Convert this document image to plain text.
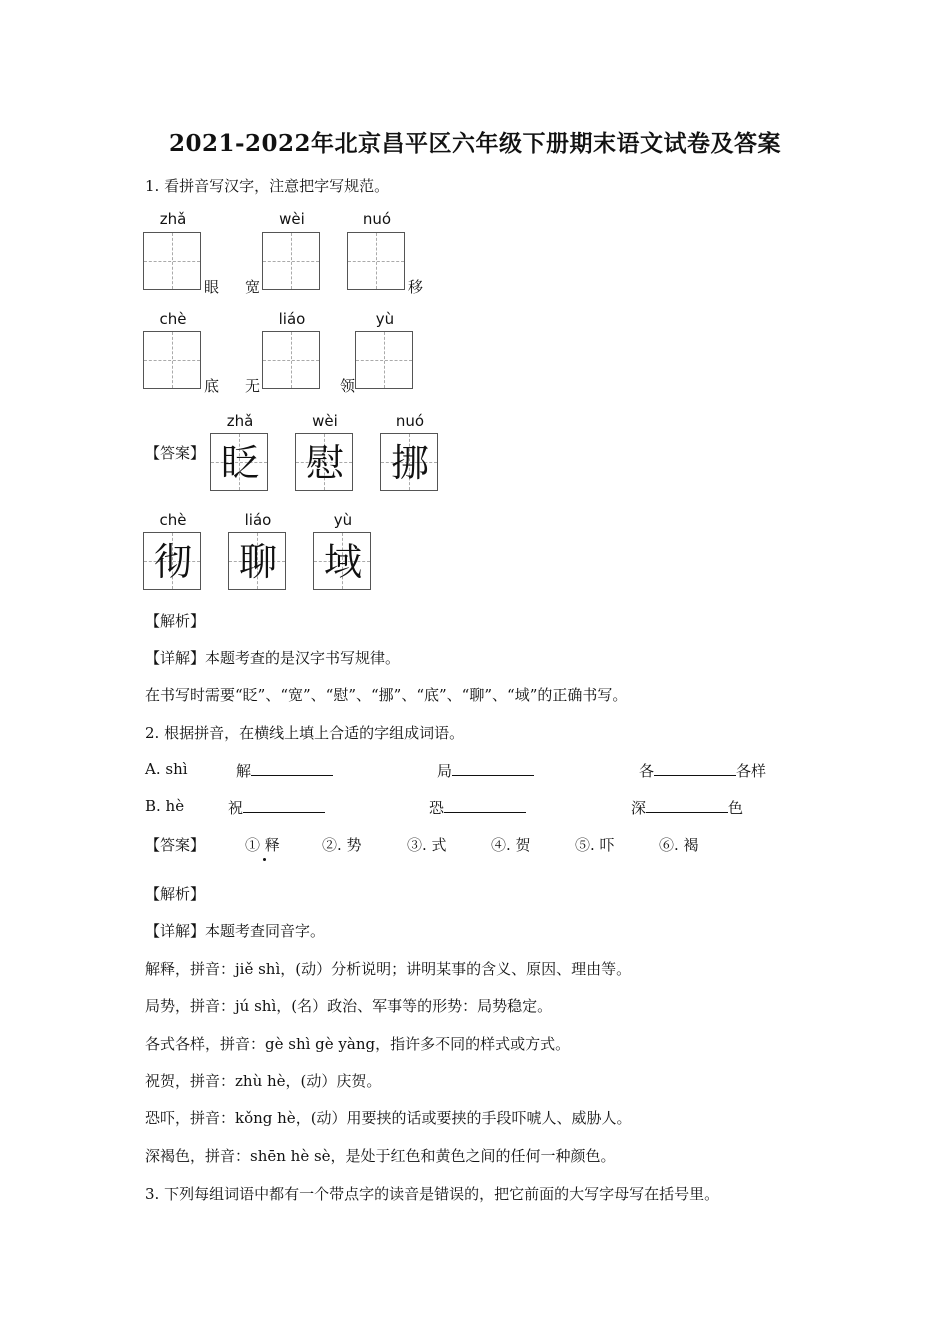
2021-2022年北京昌平区六年级下册期末语文试卷及答案
1. 看拼音写汉字，注意把字写规范。
zhǎ	wèi	nuó
眼 宽	移
chè	liáo	yù
底 无	领
【答案】
zhǎ	wèi	nuó
眨 慰 挪
chè	liáo	yù
彻 聊 域
【解析】
【详解】本题考查的是汉字书写规律。
在书写时需要“眨”、“宽”、“慰”、“挪”、“底”、“聊”、“域”的正确书写。
2. 根据拼音，在横线上填上合适的字组成词语。
A. shì	解	局	各	各样
B. hè	祝	恐	深	色
【答案】	① 释	②. 势	③. 式	④. 贺	⑤. 吓	⑥. 褐
【解析】
【详解】本题考查同音字。
解释，拼音：jiě shì，(动）分析说明；讲明某事的含义、原因、理由等。
局势，拼音：jú shì，(名）政治、军事等的形势：局势稳定。
各式各样，拼音：gè shì gè yàng，指许多不同的样式或方式。
祝贺，拼音：zhù hè，(动）庆贺。
恐吓，拼音：kǒng hè，(动）用要挟的话或要挟的手段吓唬人、威胁人。
深褐色，拼音：shēn hè sè，是处于红色和黄色之间的任何一种颜色。
3. 下列每组词语中都有一个带点字的读音是错误的，把它前面的大写字母写在括号里。
